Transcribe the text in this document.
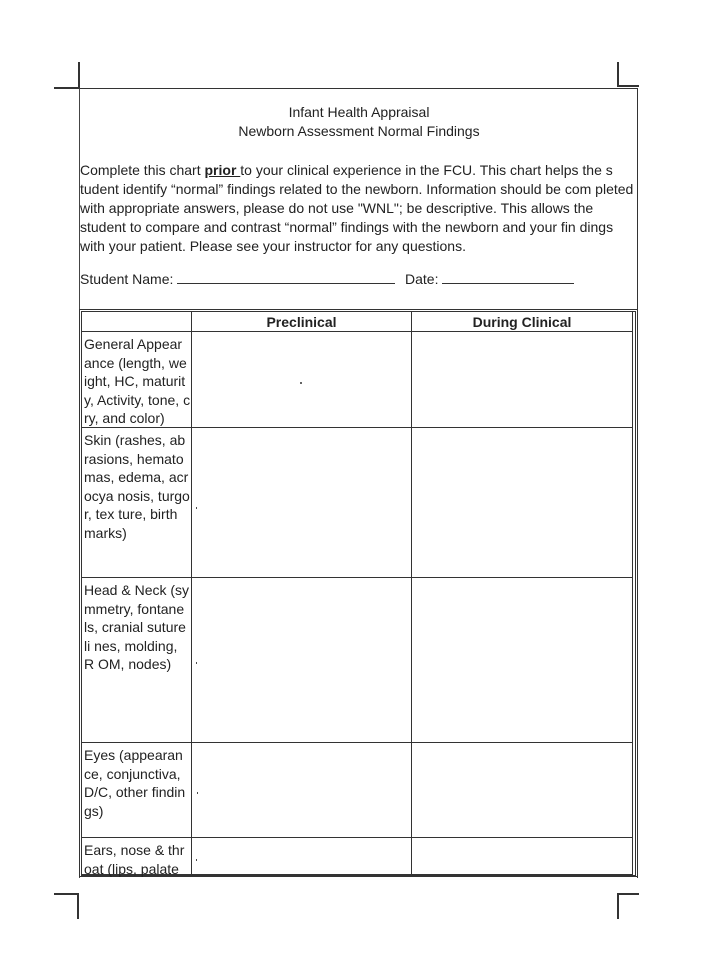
Infant Health Appraisal
Newborn Assessment Normal Findings
Complete this chart prior to your clinical experience in the FCU. This chart helps the s tudent identify “normal” findings related to the newborn. Information should be com pleted with appropriate answers, please do not use "WNL"; be descriptive. This allows the student to compare and contrast “normal” findings with the newborn and your fin dings with your patient. Please see your instructor for any questions.
Student Name:	Date:
Preclinical	During Clinical
General Appear ance (length, we ight, HC, maturit y, Activity, tone, cry, and color)
Skin (rashes, ab rasions, hemato mas, edema, acrocya nosis, turgor, tex ture, birth marks)
Head & Neck (sy mmetry, fontane ls, cranial suture li nes, molding, R OM, nodes)
Eyes (appearan ce, conjunctiva, D/C, other findin gs)
Ears, nose & thr oat (lips, palate
